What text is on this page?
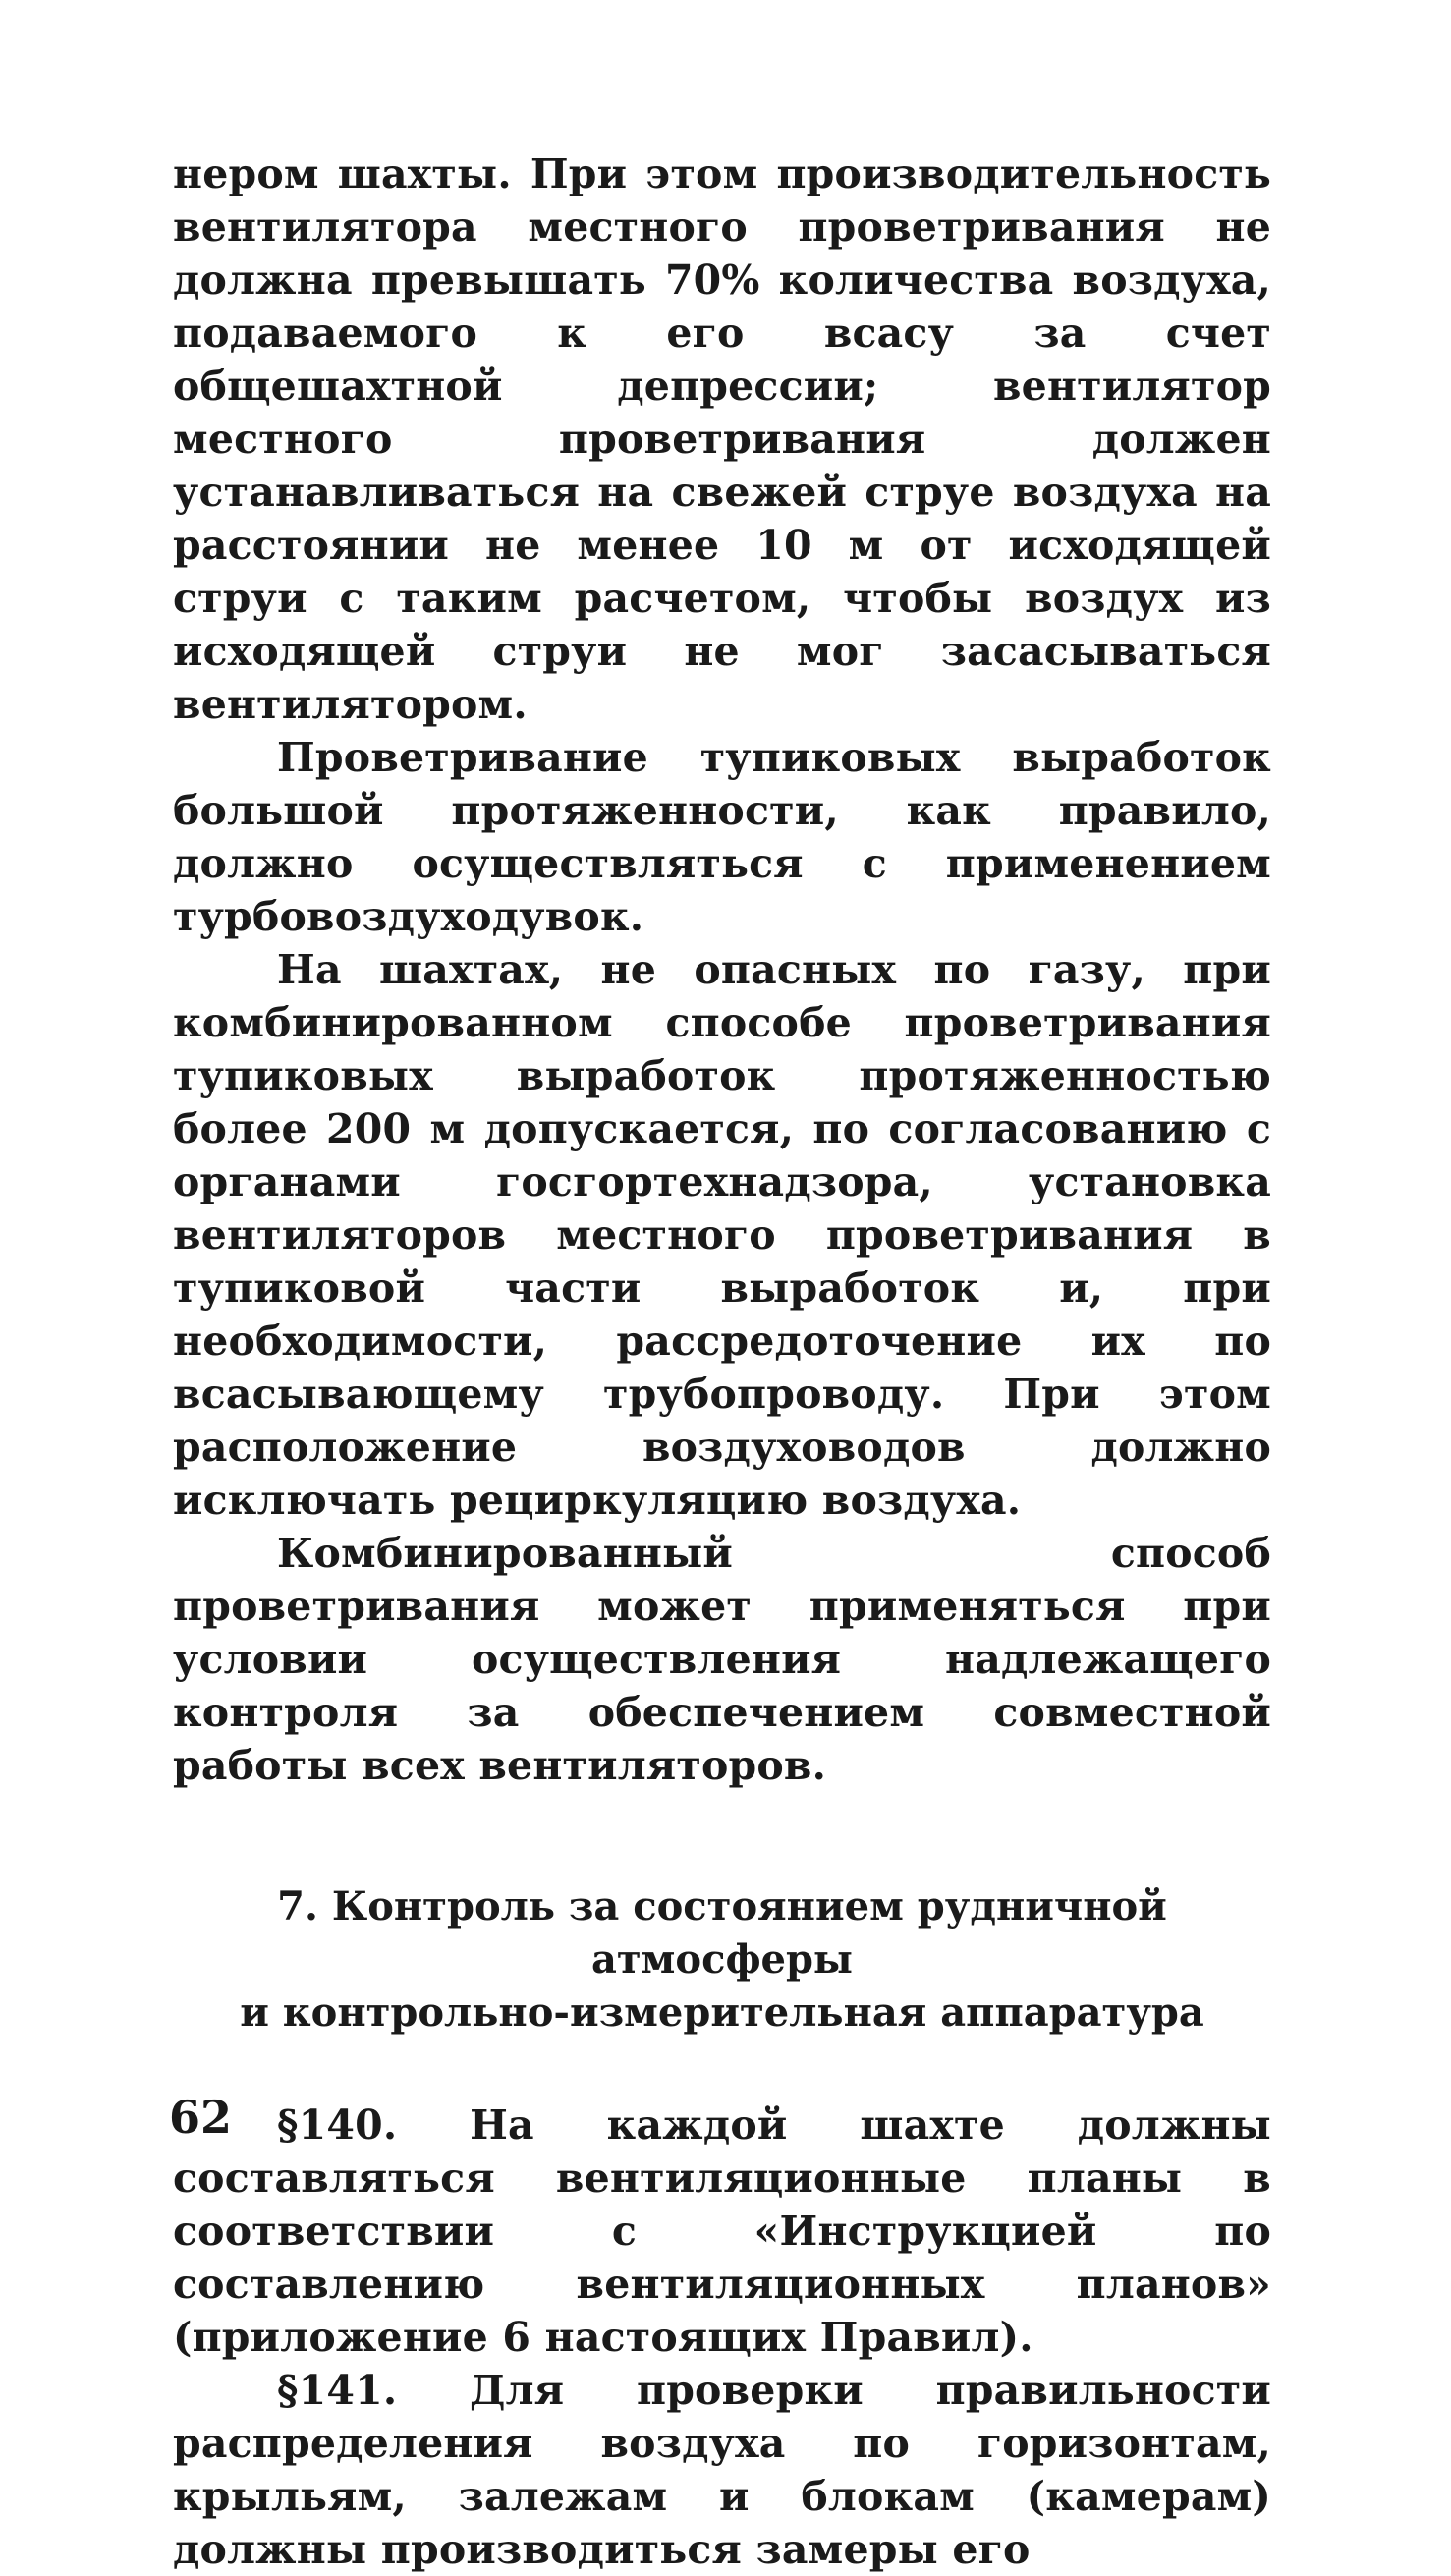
нером шахты. При этом производительность вентилятора местного проветривания не должна превышать 70% количества воздуха, подаваемого к его всасу за счет общешахтной депрессии; вентилятор местного проветривания должен устанавливаться на свежей струе воздуха на расстоянии не менее 10 м от исходящей струи с таким расчетом, чтобы воздух из исходящей струи не мог засасываться вентилятором.

Проветривание тупиковых выработок большой протяженности, как правило, должно осуществляться с применением турбовоздуходувок.

На шахтах, не опасных по газу, при комбинированном способе проветривания тупиковых выработок протяженностью более 200 м допускается, по согласованию с органами госгортехнадзора, установка вентиляторов местного проветривания в тупиковой части выработок и, при необходимости, рассредоточение их по всасывающему трубопроводу. При этом расположение воздуховодов должно исключать рециркуляцию воздуха.

Комбинированный способ проветривания может применяться при условии осуществления надлежащего контроля за обеспечением совместной работы всех вентиляторов.

7. Контроль за состоянием рудничной атмосферы
и контрольно-измерительная аппаратура

§140. На каждой шахте должны составляться вентиляционные планы в соответствии с «Инструкцией по составлению вентиляционных планов» (приложение 6 настоящих Правил).

§141. Для проверки правильности распределения воздуха по горизонтам, крыльям, залежам и блокам (камерам) должны производиться замеры его

62
